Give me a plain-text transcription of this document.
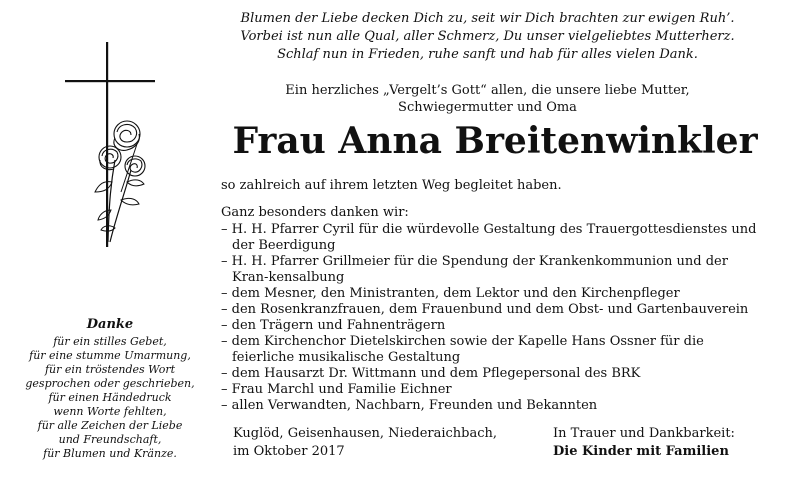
Blumen der Liebe decken Dich zu, seit wir Dich brachten zur ewigen Ruh’.
Vorbei ist nun alle Qual, aller Schmerz, Du unser vielgeliebtes Mutterherz.
Schlaf nun in Frieden, ruhe sanft und hab für alles vielen Dank.
Ein herzliches „Vergelt’s Gott“ allen, die unsere liebe Mutter,
Schwiegermutter und Oma
Frau Anna Breitenwinkler
so zahlreich auf ihrem letzten Weg begleitet haben.
Ganz besonders danken wir:
– H. H. Pfarrer Cyril für die würdevolle Gestaltung des Trauergottesdienstes und der Beerdigung
– H. H. Pfarrer Grillmeier für die Spendung der Krankenkommunion und der Kran-kensalbung
– dem Mesner, den Ministranten, dem Lektor und den Kirchenpfleger
– den Rosenkranzfrauen, dem Frauenbund und dem Obst- und Gartenbauverein
– den Trägern und Fahnenträgern
– dem Kirchenchor Dietelskirchen sowie der Kapelle Hans Ossner für die feierliche musikalische Gestaltung
– dem Hausarzt Dr. Wittmann und dem Pflegepersonal des BRK
– Frau Marchl und Familie Eichner
– allen Verwandten, Nachbarn, Freunden und Bekannten
Kuglöd, Geisenhausen, Niederaichbach,
im Oktober 2017
In Trauer und Dankbarkeit:
Die Kinder mit Familien
Danke
für ein stilles Gebet,
für eine stumme Umarmung,
für ein tröstendes Wort
gesprochen oder geschrieben,
für einen Händedruck
wenn Worte fehlten,
für alle Zeichen der Liebe
und Freundschaft,
für Blumen und Kränze.
